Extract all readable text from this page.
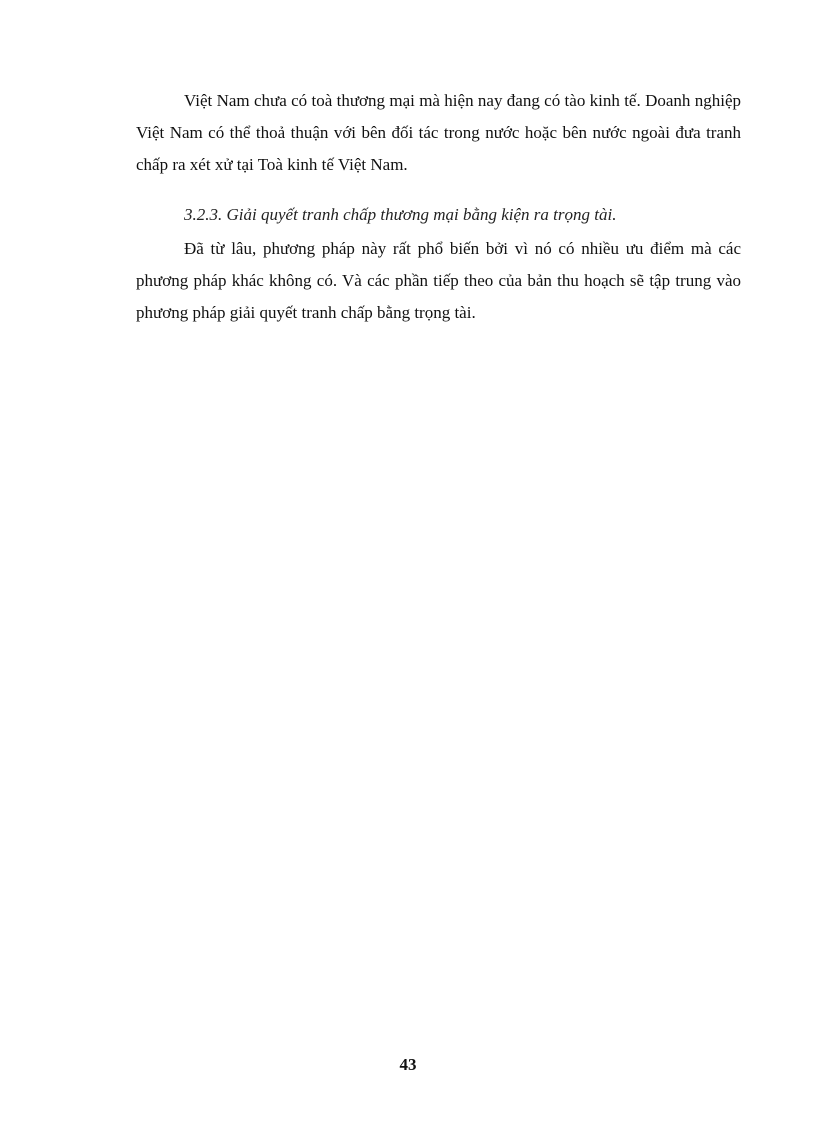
Việt Nam chưa có toà thương mại mà hiện nay đang có tào kinh tế. Doanh nghiệp Việt Nam có thể thoả thuận với bên đối tác trong nước hoặc bên nước ngoài đưa tranh chấp ra xét xử tại Toà kinh tế Việt Nam.

3.2.3. Giải quyết tranh chấp thương mại bằng kiện ra trọng tài.

Đã từ lâu, phương pháp này rất phổ biến bởi vì nó có nhiều ưu điểm mà các phương pháp khác không có. Và các phần tiếp theo của bản thu hoạch sẽ tập trung vào phương pháp giải quyết tranh chấp bằng trọng tài.

43
